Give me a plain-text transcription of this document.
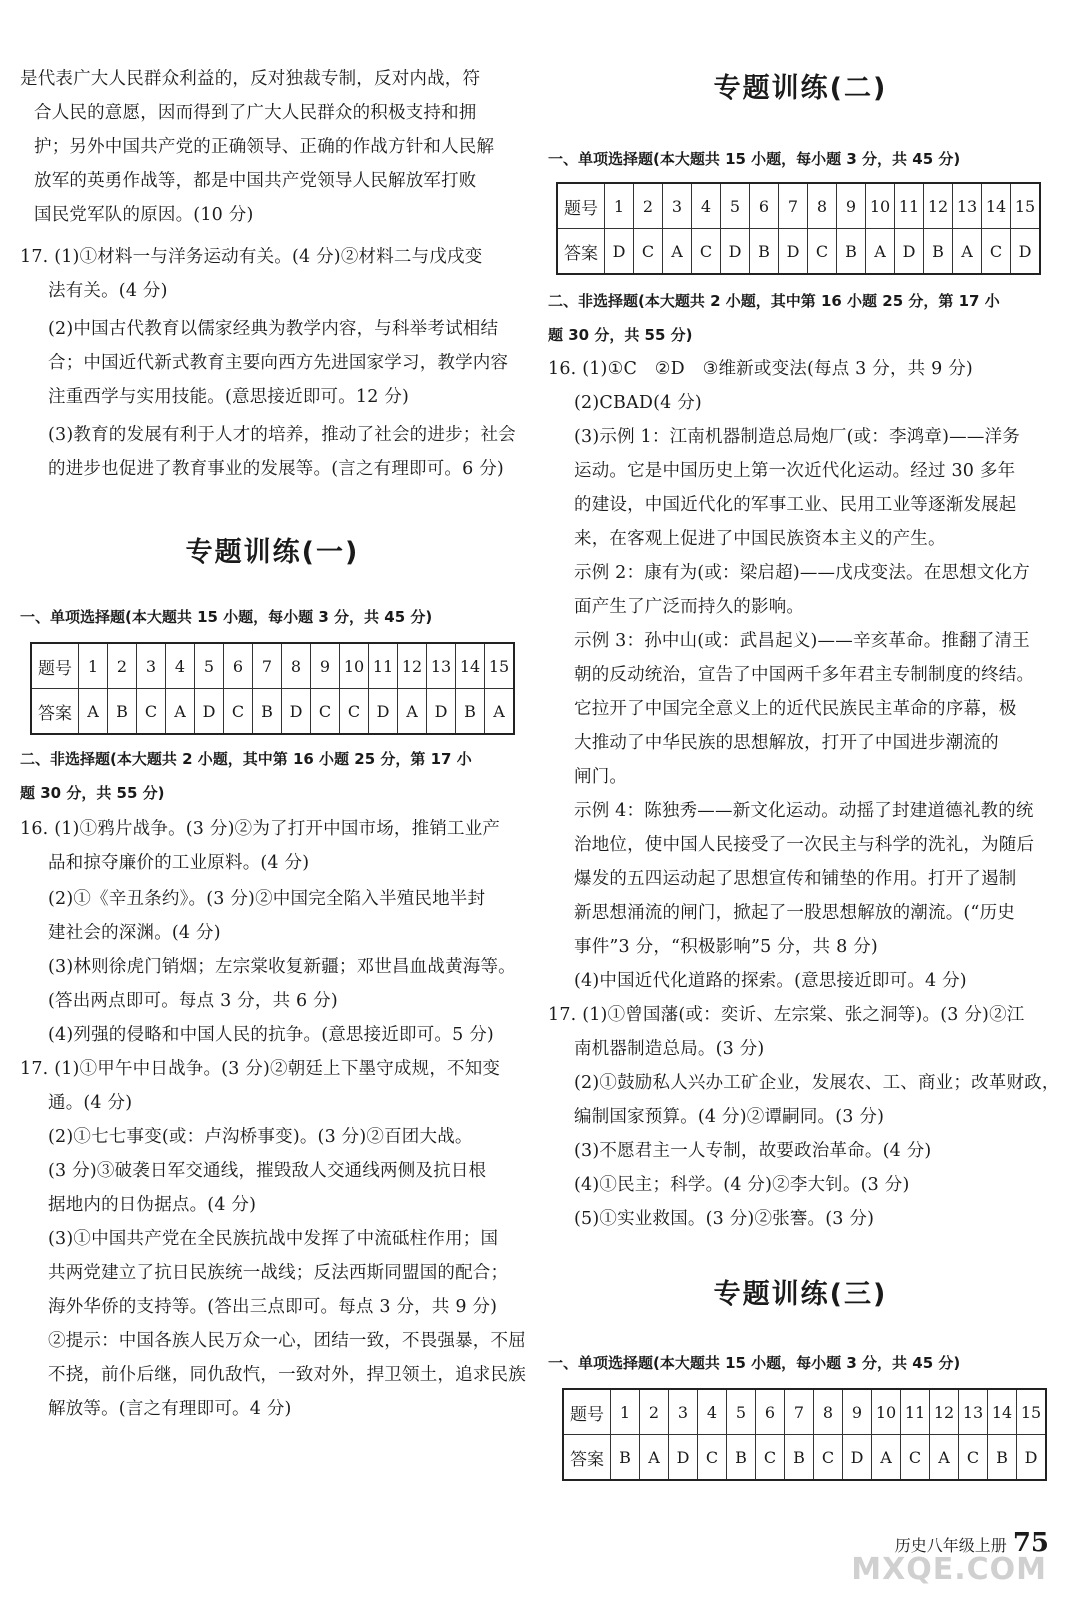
是代表广大人民群众利益的，反对独裁专制，反对内战，符
合人民的意愿，因而得到了广大人民群众的积极支持和拥
护；另外中国共产党的正确领导、正确的作战方针和人民解
放军的英勇作战等，都是中国共产党领导人民解放军打败
国民党军队的原因。(10 分)
17. (1)①材料一与洋务运动有关。(4 分)②材料二与戊戌变
法有关。(4 分)
(2)中国古代教育以儒家经典为教学内容，与科举考试相结
合；中国近代新式教育主要向西方先进国家学习，教学内容
注重西学与实用技能。(意思接近即可。12 分)
(3)教育的发展有利于人才的培养，推动了社会的进步；社会
的进步也促进了教育事业的发展等。(言之有理即可。6 分)
专题训练(一)
一、单项选择题(本大题共 15 小题，每小题 3 分，共 45 分)
题号	1	2	3	4	5	6	7	8	9	10	11	12	13	14	15
答案	A	B	C	A	D	C	B	D	C	C	D	A	D	B	A
二、非选择题(本大题共 2 小题，其中第 16 小题 25 分，第 17 小
题 30 分，共 55 分)
16. (1)①鸦片战争。(3 分)②为了打开中国市场，推销工业产
品和掠夺廉价的工业原料。(4 分)
(2)①《辛丑条约》。(3 分)②中国完全陷入半殖民地半封
建社会的深渊。(4 分)
(3)林则徐虎门销烟；左宗棠收复新疆；邓世昌血战黄海等。
(答出两点即可。每点 3 分，共 6 分)
(4)列强的侵略和中国人民的抗争。(意思接近即可。5 分)
17. (1)①甲午中日战争。(3 分)②朝廷上下墨守成规，不知变
通。(4 分)
(2)①七七事变(或：卢沟桥事变)。(3 分)②百团大战。
(3 分)③破袭日军交通线，摧毁敌人交通线两侧及抗日根
据地内的日伪据点。(4 分)
(3)①中国共产党在全民族抗战中发挥了中流砥柱作用；国
共两党建立了抗日民族统一战线；反法西斯同盟国的配合；
海外华侨的支持等。(答出三点即可。每点 3 分，共 9 分)
②提示：中国各族人民万众一心，团结一致，不畏强暴，不屈
不挠，前仆后继，同仇敌忾，一致对外，捍卫领土，追求民族
解放等。(言之有理即可。4 分)
专题训练(二)
一、单项选择题(本大题共 15 小题，每小题 3 分，共 45 分)
题号	1	2	3	4	5	6	7	8	9	10	11	12	13	14	15
答案	D	C	A	C	D	B	D	C	B	A	D	B	A	C	D
二、非选择题(本大题共 2 小题，其中第 16 小题 25 分，第 17 小
题 30 分，共 55 分)
16. (1)①C　②D　③维新或变法(每点 3 分，共 9 分)
(2)CBAD(4 分)
(3)示例 1：江南机器制造总局炮厂(或：李鸿章)——洋务
运动。它是中国历史上第一次近代化运动。经过 30 多年
的建设，中国近代化的军事工业、民用工业等逐渐发展起
来，在客观上促进了中国民族资本主义的产生。
示例 2：康有为(或：梁启超)——戊戌变法。在思想文化方
面产生了广泛而持久的影响。
示例 3：孙中山(或：武昌起义)——辛亥革命。推翻了清王
朝的反动统治，宣告了中国两千多年君主专制制度的终结。
它拉开了中国完全意义上的近代民族民主革命的序幕，极
大推动了中华民族的思想解放，打开了中国进步潮流的
闸门。
示例 4：陈独秀——新文化运动。动摇了封建道德礼教的统
治地位，使中国人民接受了一次民主与科学的洗礼，为随后
爆发的五四运动起了思想宣传和铺垫的作用。打开了遏制
新思想涌流的闸门，掀起了一股思想解放的潮流。(“历史
事件”3 分，“积极影响”5 分，共 8 分)
(4)中国近代化道路的探索。(意思接近即可。4 分)
17. (1)①曾国藩(或：奕䜣、左宗棠、张之洞等)。(3 分)②江
南机器制造总局。(3 分)
(2)①鼓励私人兴办工矿企业，发展农、工、商业；改革财政，
编制国家预算。(4 分)②谭嗣同。(3 分)
(3)不愿君主一人专制，故要政治革命。(4 分)
(4)①民主；科学。(4 分)②李大钊。(3 分)
(5)①实业救国。(3 分)②张謇。(3 分)
专题训练(三)
一、单项选择题(本大题共 15 小题，每小题 3 分，共 45 分)
题号	1	2	3	4	5	6	7	8	9	10	11	12	13	14	15
答案	B	A	D	C	B	C	B	C	D	A	C	A	C	B	D
历史八年级上册 75
MXQE.COM
